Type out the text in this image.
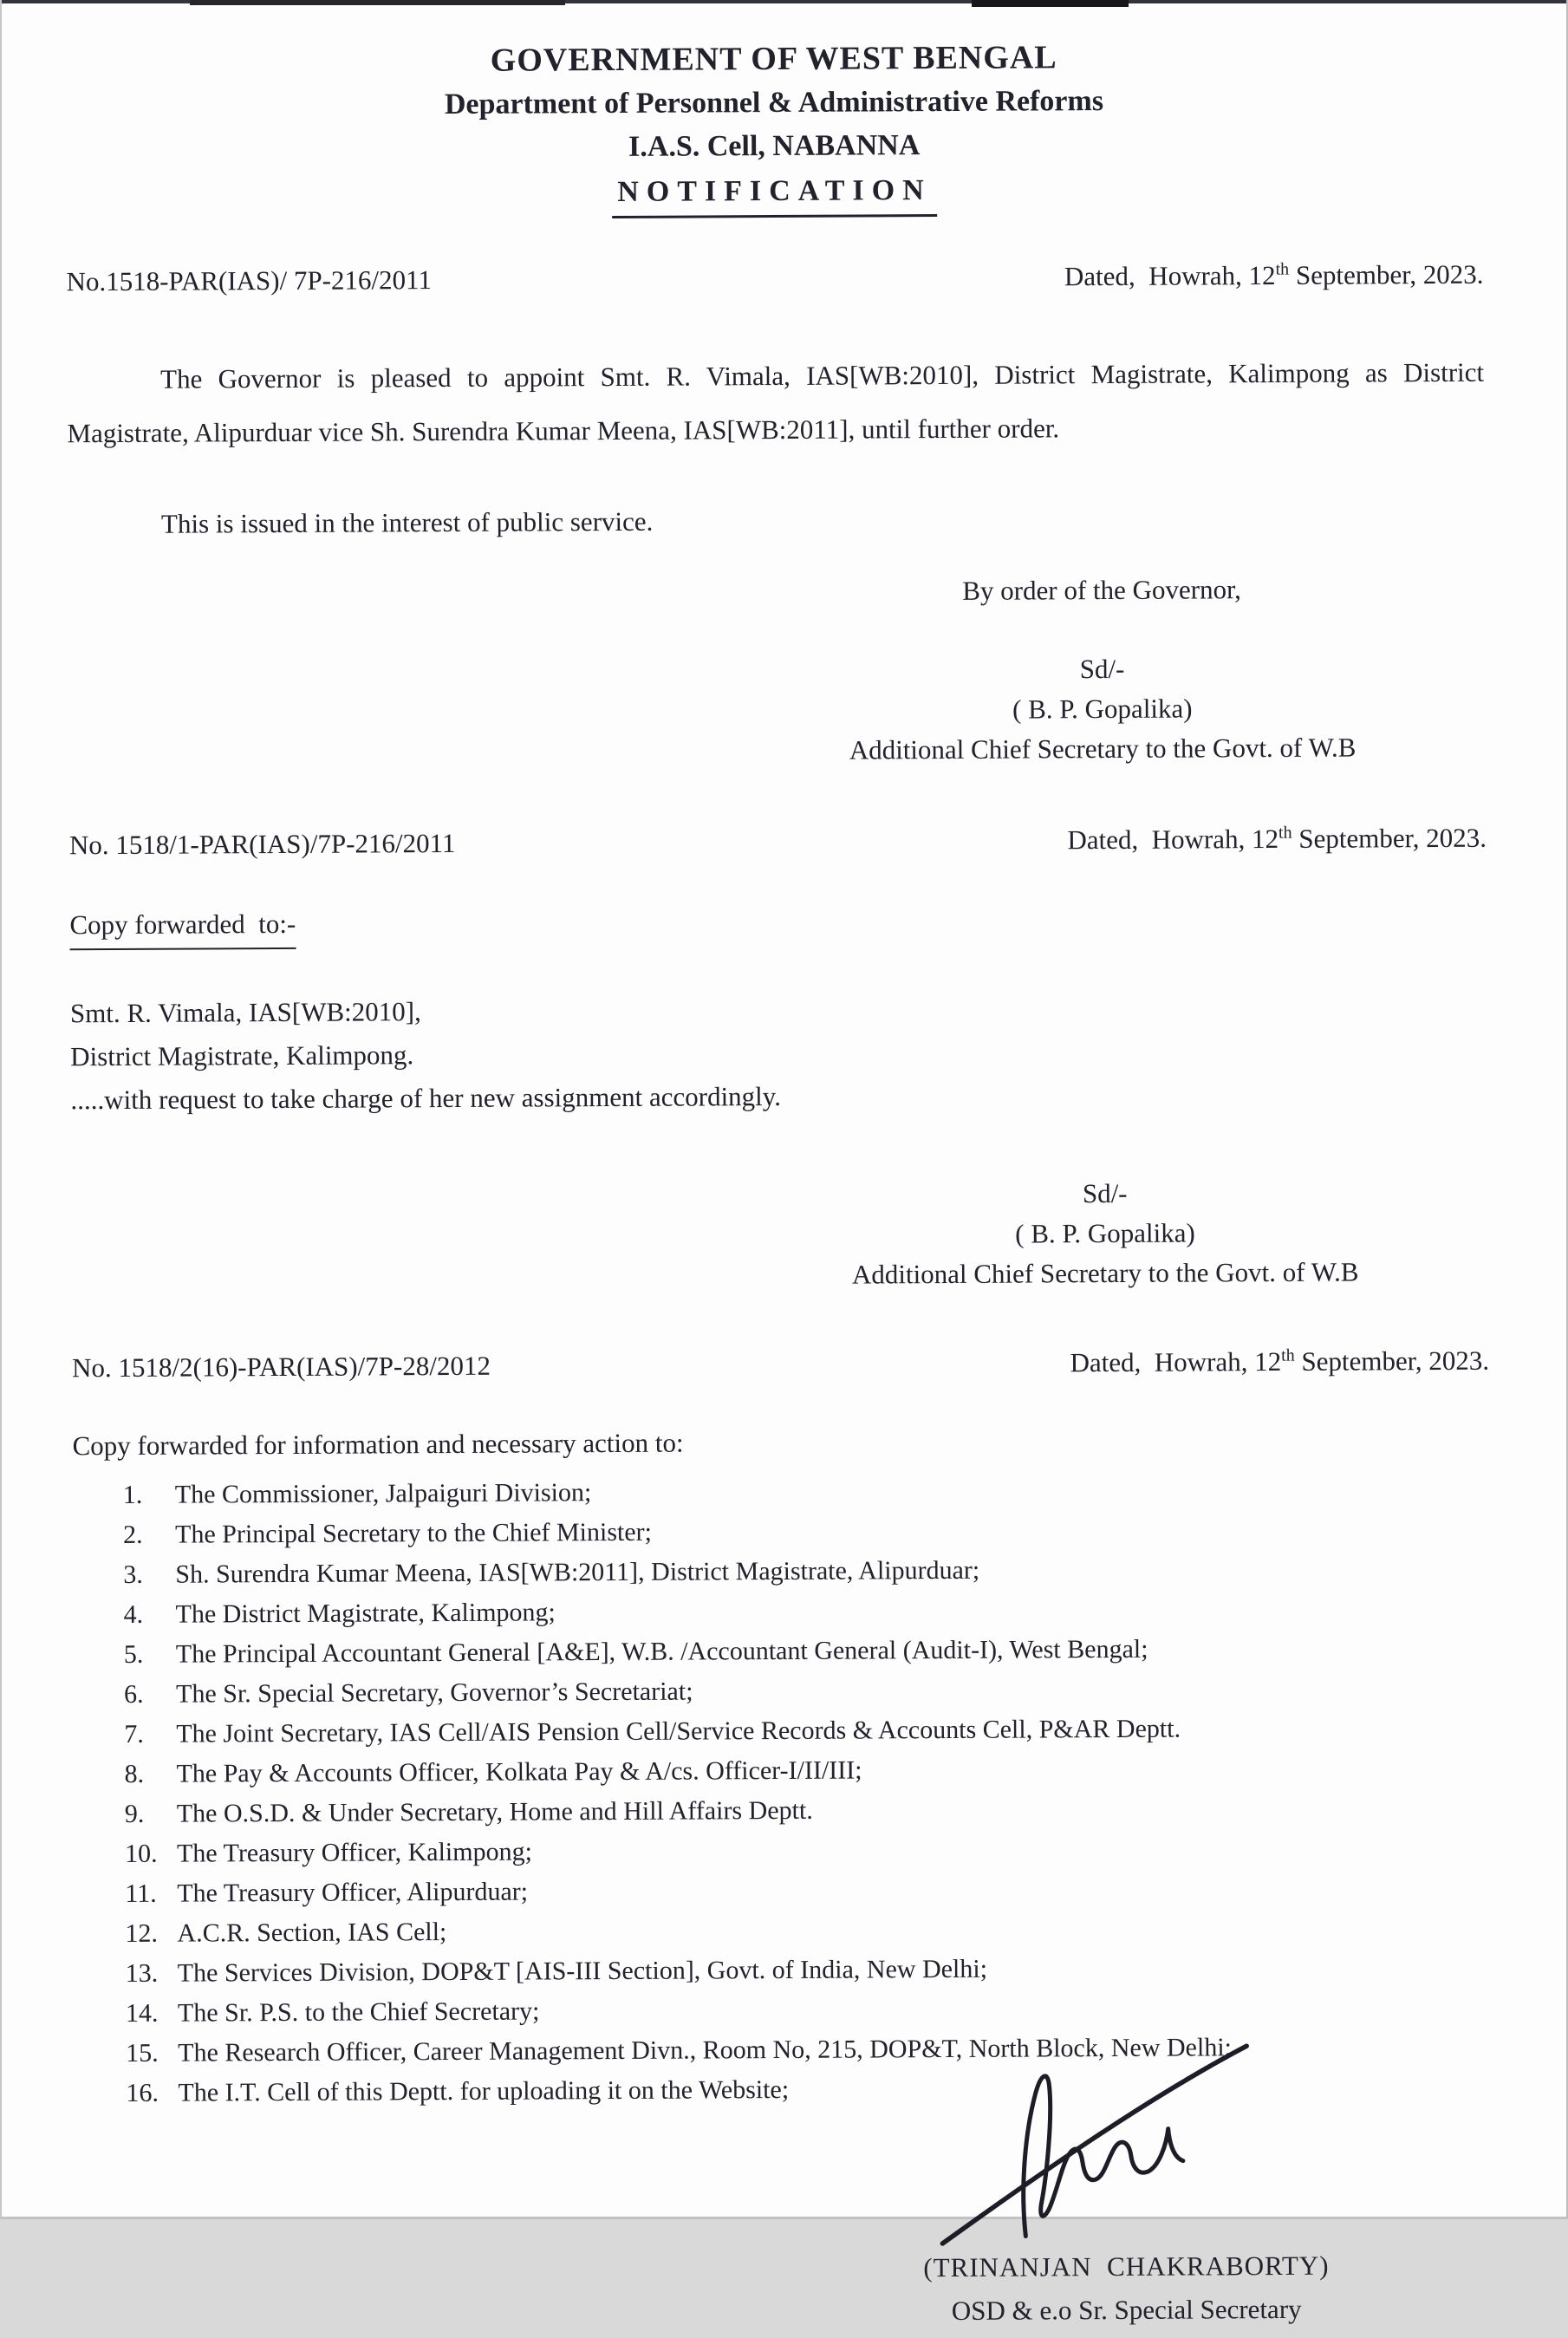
GOVERNMENT OF WEST BENGAL
Department of Personnel & Administrative Reforms
I.A.S. Cell, NABANNA
NOTIFICATION
No.1518-PAR(IAS)/ 7P-216/2011	Dated,  Howrah, 12th September, 2023.

The Governor is pleased to appoint Smt. R. Vimala, IAS[WB:2010], District Magistrate, Kalimpong as District Magistrate, Alipurduar vice Sh. Surendra Kumar Meena, IAS[WB:2011], until further order.

This is issued in the interest of public service.

By order of the Governor,
Sd/-
( B. P. Gopalika)
Additional Chief Secretary to the Govt. of W.B
No. 1518/1-PAR(IAS)/7P-216/2011	Dated,  Howrah, 12th September, 2023.
Copy forwarded  to:-
Smt. R. Vimala, IAS[WB:2010],
District Magistrate, Kalimpong.
.....with request to take charge of her new assignment accordingly.
Sd/-
( B. P. Gopalika)
Additional Chief Secretary to the Govt. of W.B
No. 1518/2(16)-PAR(IAS)/7P-28/2012	Dated,  Howrah, 12th September, 2023.
Copy forwarded for information and necessary action to:
The Commissioner, Jalpaiguri Division;
The Principal Secretary to the Chief Minister;
Sh. Surendra Kumar Meena, IAS[WB:2011], District Magistrate, Alipurduar;
The District Magistrate, Kalimpong;
The Principal Accountant General [A&E], W.B. /Accountant General (Audit-I), West Bengal;
The Sr. Special Secretary, Governor’s Secretariat;
The Joint Secretary, IAS Cell/AIS Pension Cell/Service Records & Accounts Cell, P&AR Deptt.
The Pay & Accounts Officer, Kolkata Pay & A/cs. Officer-I/II/III;
The O.S.D. & Under Secretary, Home and Hill Affairs Deptt.
The Treasury Officer, Kalimpong;
The Treasury Officer, Alipurduar;
A.C.R. Section, IAS Cell;
The Services Division, DOP&T [AIS-III Section], Govt. of India, New Delhi;
The Sr. P.S. to the Chief Secretary;
The Research Officer, Career Management Divn., Room No, 215, DOP&T, North Block, New Delhi;
The I.T. Cell of this Deptt. for uploading it on the Website;
(TRINANJAN  CHAKRABORTY)
OSD & e.o Sr. Special Secretary
